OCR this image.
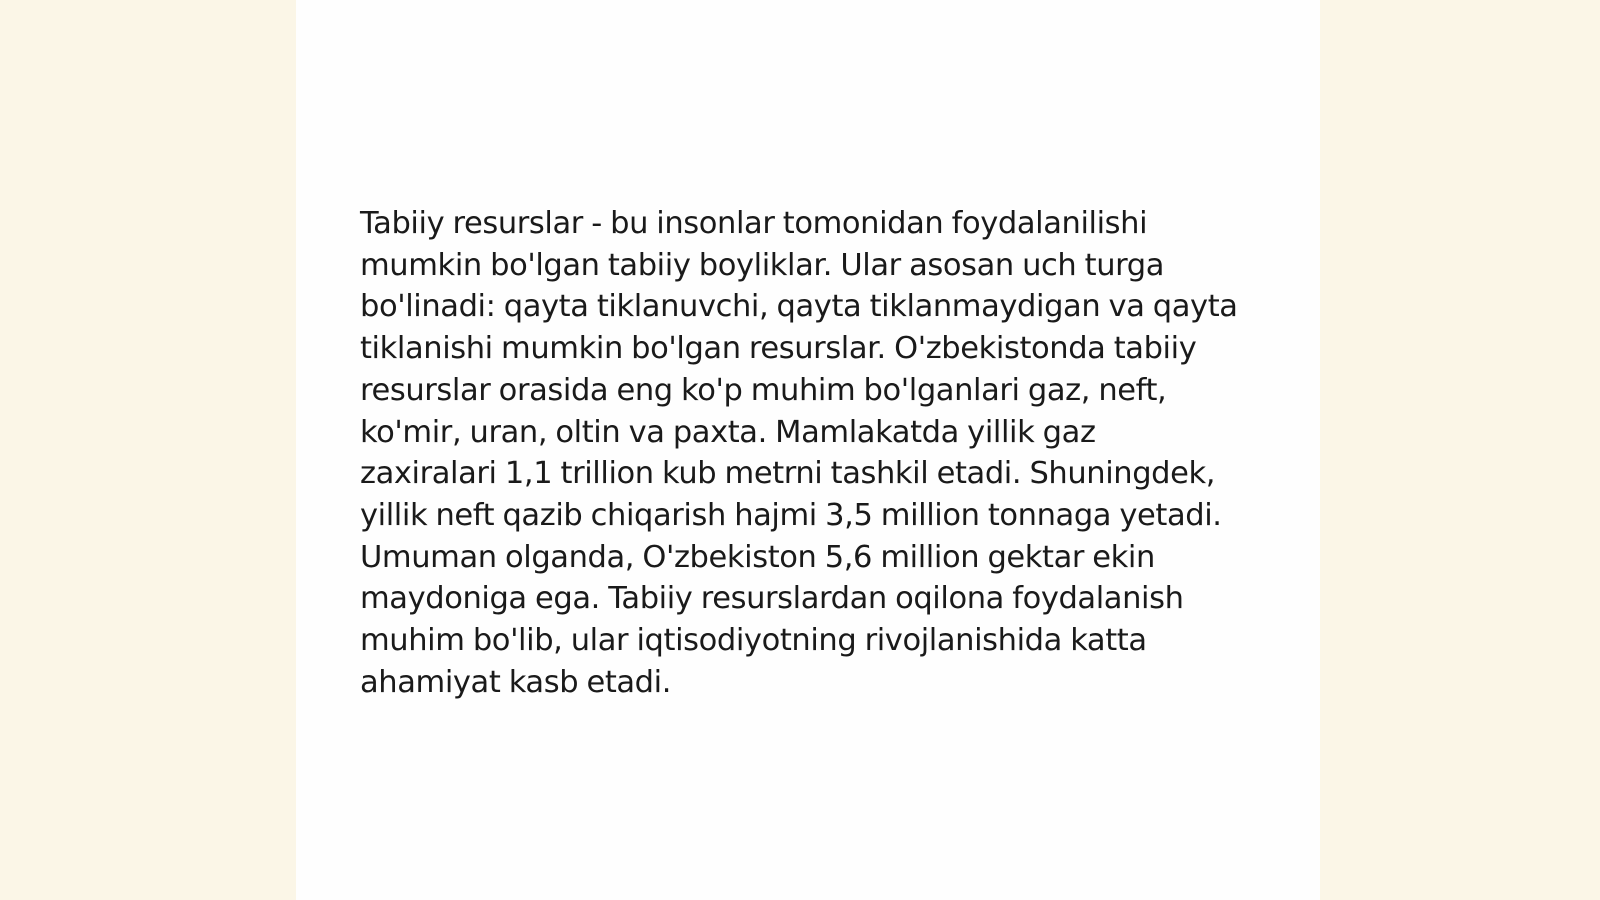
Tabiiy resurslar - bu insonlar tomonidan foydalanilishi mumkin bo'lgan tabiiy boyliklar. Ular asosan uch turga bo'linadi: qayta tiklanuvchi, qayta tiklanmaydigan va qayta tiklanishi mumkin bo'lgan resurslar. O'zbekistonda tabiiy resurslar orasida eng ko'p muhim bo'lganlari gaz, neft, ko'mir, uran, oltin va paxta. Mamlakatda yillik gaz zaxiralari 1,1 trillion kub metrni tashkil etadi. Shuningdek, yillik neft qazib chiqarish hajmi 3,5 million tonnaga yetadi. Umuman olganda, O'zbekiston 5,6 million gektar ekin maydoniga ega. Tabiiy resurslardan oqilona foydalanish muhim bo'lib, ular iqtisodiyotning rivojlanishida katta ahamiyat kasb etadi.
